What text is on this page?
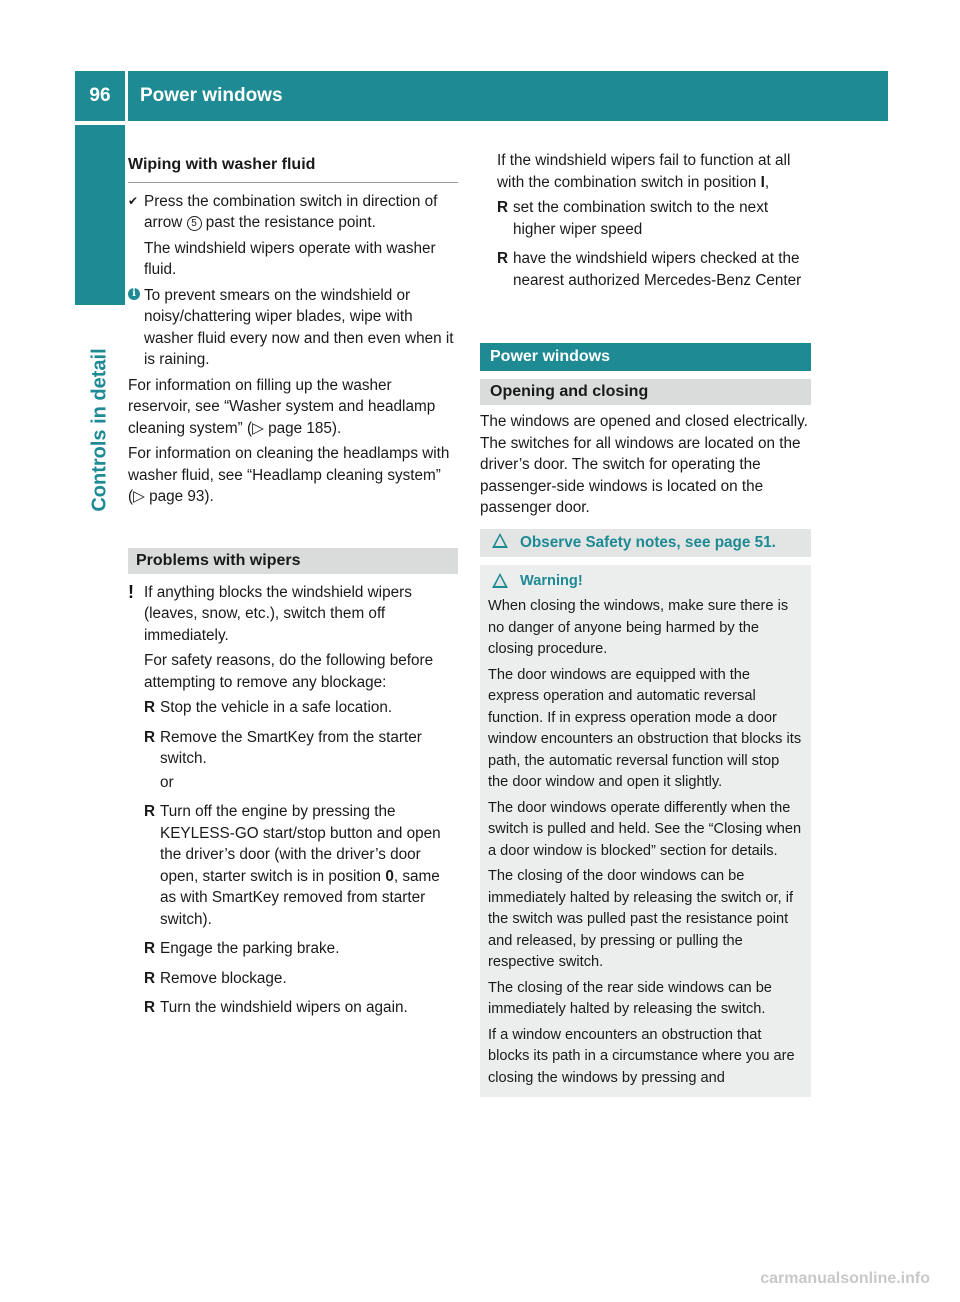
96	Power windows
Controls in detail
Wiping with washer fluid
✔ Press the combination switch in direction of arrow 5 past the resistance point.

The windshield wipers operate with washer fluid.

i To prevent smears on the windshield or noisy/chattering wiper blades, wipe with washer fluid every now and then even when it is raining.

For information on filling up the washer reservoir, see “Washer system and headlamp cleaning system” (▷ page 185).

For information on cleaning the headlamps with washer fluid, see “Headlamp cleaning system” (▷ page 93).

Problems with wipers
! If anything blocks the windshield wipers (leaves, snow, etc.), switch them off immediately.

For safety reasons, do the following before attempting to remove any blockage:

R Stop the vehicle in a safe location.
R Remove the SmartKey from the starter switch.

or

R Turn off the engine by pressing the KEYLESS-GO start/stop button and open the driver’s door (with the driver’s door open, starter switch is in position 0, same as with SmartKey removed from starter switch).
R Engage the parking brake.
R Remove blockage.
R Turn the windshield wipers on again.

If the windshield wipers fail to function at all with the combination switch in position I,

R set the combination switch to the next higher wiper speed
R have the windshield wipers checked at the nearest authorized Mercedes-Benz Center
Power windows
Opening and closing

The windows are opened and closed electrically. The switches for all windows are located on the driver’s door. The switch for operating the passenger-side windows is located on the passenger door.

Observe Safety notes, see page 51.
Warning!

When closing the windows, make sure there is no danger of anyone being harmed by the closing procedure.

The door windows are equipped with the express operation and automatic reversal function. If in express operation mode a door window encounters an obstruction that blocks its path, the automatic reversal function will stop the door window and open it slightly.

The door windows operate differently when the switch is pulled and held. See the “Closing when a door window is blocked” section for details.

The closing of the door windows can be immediately halted by releasing the switch or, if the switch was pulled past the resistance point and released, by pressing or pulling the respective switch.

The closing of the rear side windows can be immediately halted by releasing the switch.

If a window encounters an obstruction that blocks its path in a circumstance where you are closing the windows by pressing and

carmanualsonline.info
